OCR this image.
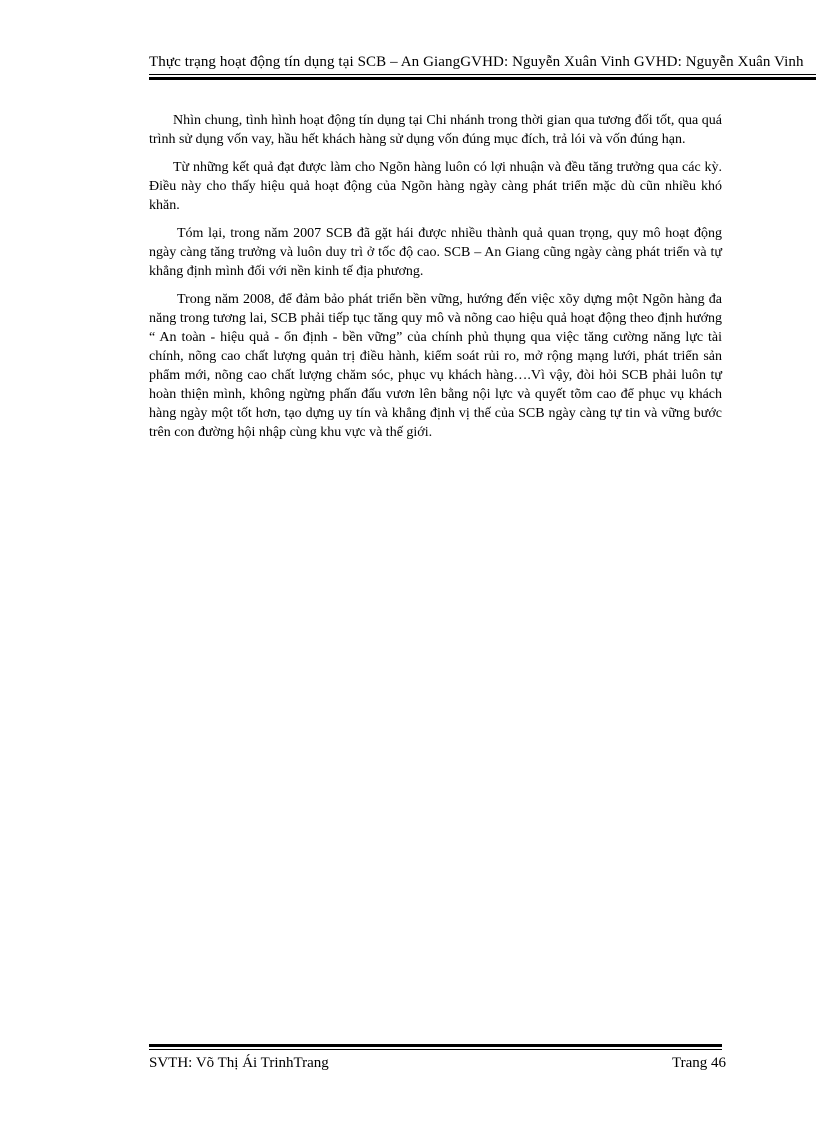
Thực trạng hoạt động tín dụng tại SCB – An GiangGVHD: Nguyễn Xuân Vinh GVHD: Nguyễn Xuân Vinh

Nhìn chung, tình hình hoạt động tín dụng tại Chi nhánh trong thời gian qua tương đối tốt, qua quá trình sử dụng vốn vay, hầu hết khách hàng sử dụng vốn đúng mục đích, trả lói và vốn đúng hạn.

Từ những kết quả đạt được làm cho Ngõn hàng luôn có lợi nhuận và đều tăng trưởng qua các kỳ. Điều này cho thấy hiệu quả hoạt động của Ngõn hàng ngày càng phát triển mặc dù cũn nhiều khó khăn.

Tóm lại, trong năm 2007 SCB đã gặt hái được nhiều thành quả quan trọng, quy mô hoạt động ngày càng tăng trưởng và luôn duy trì ở tốc độ cao. SCB – An Giang cũng ngày càng phát triển và tự khẳng định mình đối với nền kinh tế địa phương.

Trong năm 2008, để đảm bảo phát triển bền vững, hướng đến việc xõy dựng một Ngõn hàng đa năng trong tương lai, SCB phải tiếp tục tăng quy mô và nõng cao hiệu quả hoạt động theo định hướng “ An toàn - hiệu quả - ổn định - bền vững” của chính phủ thụng qua việc tăng cường năng lực tài chính, nõng cao chất lượng quản trị điều hành, kiểm soát rủi ro, mở rộng mạng lưới, phát triển sản phẩm mới, nõng cao chất lượng chăm sóc, phục vụ khách hàng….Vì vậy, đòi hỏi SCB phải luôn tự hoàn thiện mình, không ngừng phấn đấu vươn lên bằng nội lực và quyết tõm cao để phục vụ khách hàng ngày một tốt hơn, tạo dựng uy tín và khẳng định vị thế của SCB ngày càng tự tin và vững bước trên con đường hội nhập cùng khu vực và thế giới.

SVTH: Võ Thị Ái TrinhTrang	Trang 46
